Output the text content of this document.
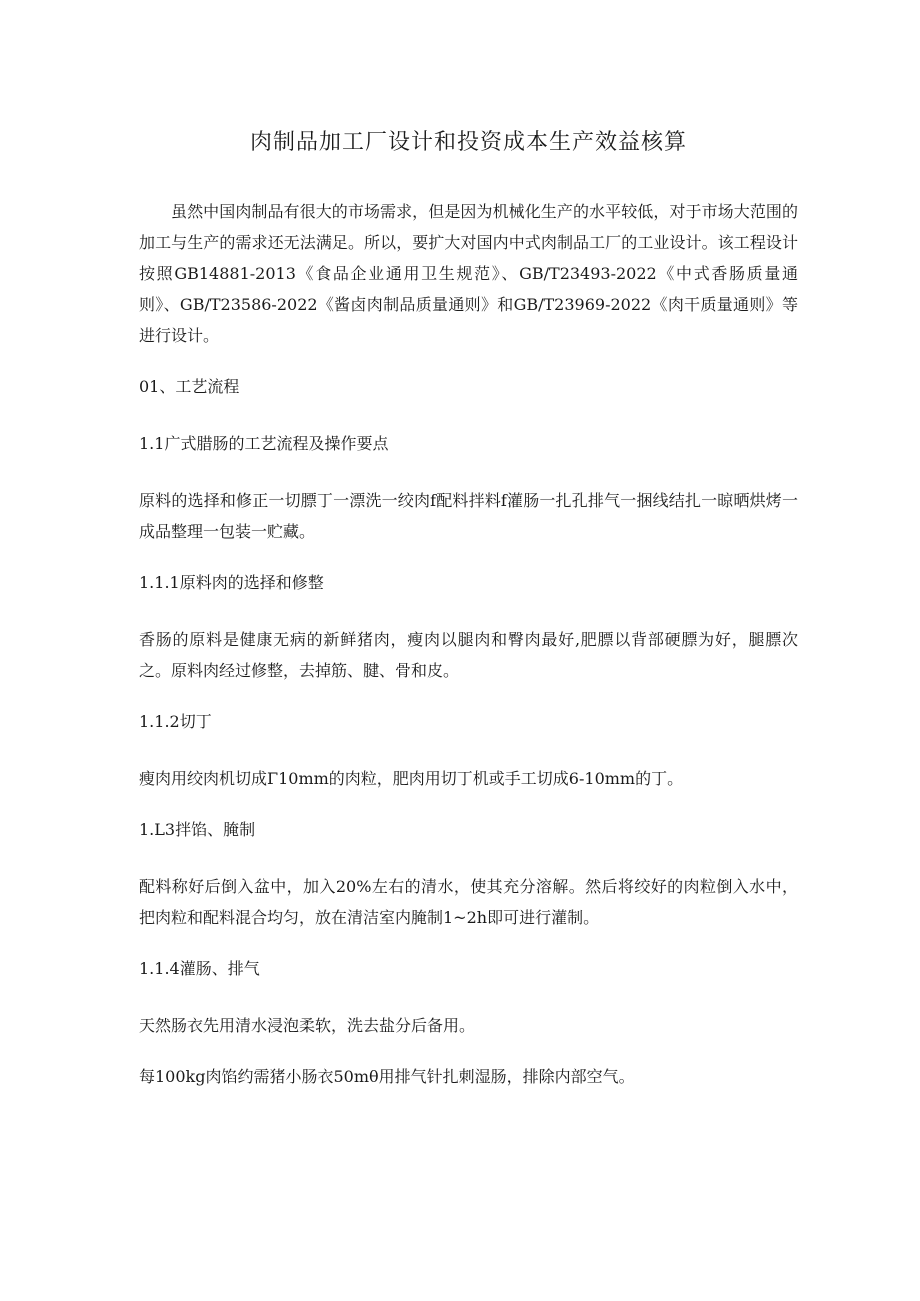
肉制品加工厂设计和投资成本生产效益核算

虽然中国肉制品有很大的市场需求，但是因为机械化生产的水平较低，对于市场大范围的加工与生产的需求还无法满足。所以，要扩大对国内中式肉制品工厂的工业设计。该工程设计按照GB14881-2013《食品企业通用卫生规范》、GB/T23493-2022《中式香肠质量通则》、GB/T23586-2022《酱卤肉制品质量通则》和GB/T23969-2022《肉干质量通则》等进行设计。

01、工艺流程

1.1广式腊肠的工艺流程及操作要点

原料的选择和修正一切膘丁一漂洗一绞肉f配料拌料f灌肠一扎孔排气一捆线结扎一晾晒烘烤一成品整理一包装一贮藏。

1.1.1原料肉的选择和修整

香肠的原料是健康无病的新鲜猪肉，瘦肉以腿肉和臀肉最好,肥膘以背部硬膘为好，腿膘次之。原料肉经过修整，去掉筋、腱、骨和皮。

1.1.2切丁

瘦肉用绞肉机切成Γ10mm的肉粒，肥肉用切丁机或手工切成6-10mm的丁。

1.L3拌馅、腌制

配料称好后倒入盆中，加入20%左右的清水，使其充分溶解。然后将绞好的肉粒倒入水中，把肉粒和配料混合均匀，放在清洁室内腌制1~2h即可进行灌制。

1.1.4灌肠、排气

天然肠衣先用清水浸泡柔软，洗去盐分后备用。

每100kg肉馅约需猪小肠衣50mθ用排气针扎刺湿肠，排除内部空气。
